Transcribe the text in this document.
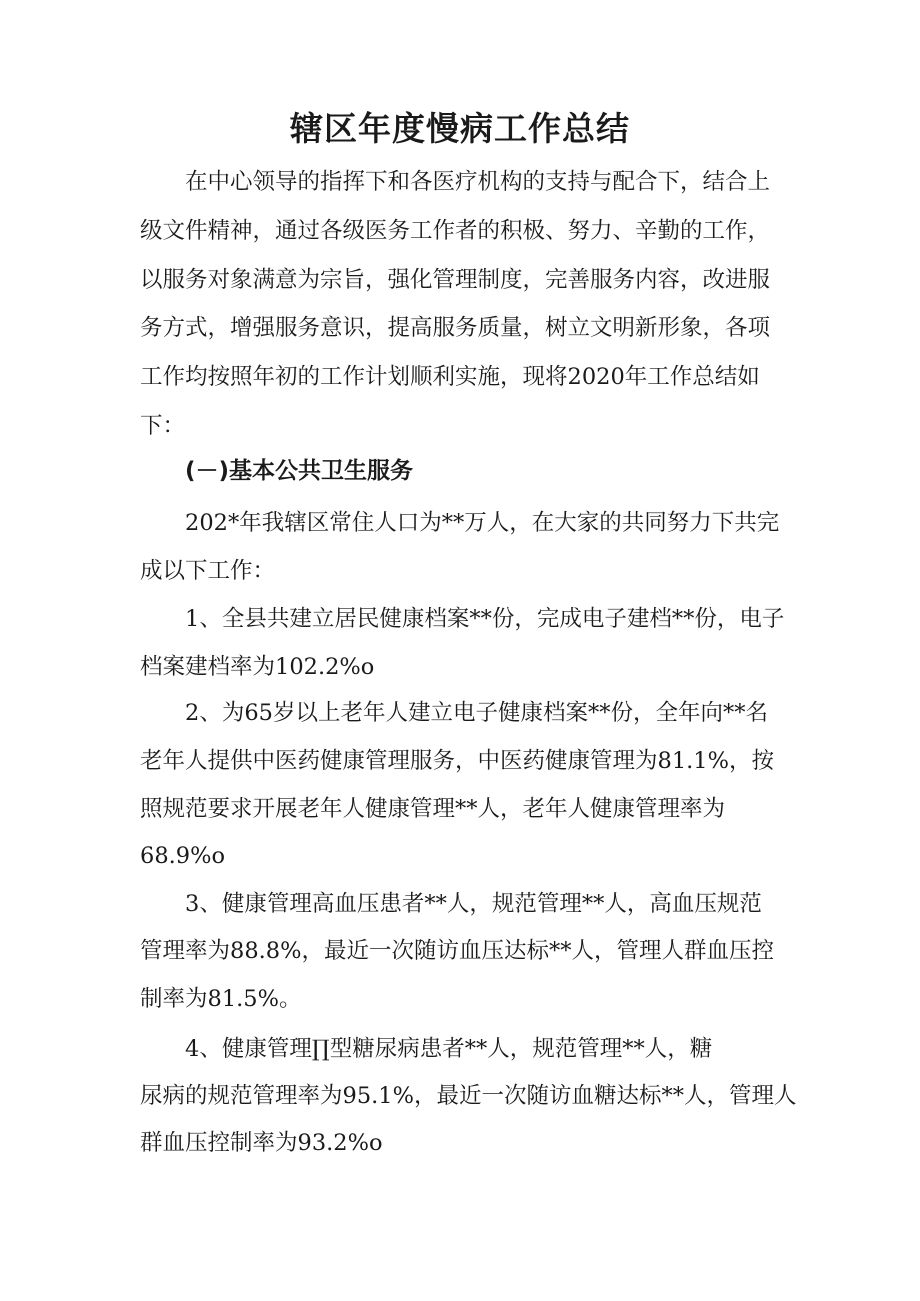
辖区年度慢病工作总结
在中心领导的指挥下和各医疗机构的支持与配合下，结合上
级文件精神，通过各级医务工作者的积极、努力、辛勤的工作，
以服务对象满意为宗旨，强化管理制度，完善服务内容，改进服
务方式，增强服务意识，提高服务质量，树立文明新形象，各项
工作均按照年初的工作计划顺利实施，现将2020年工作总结如
下：
(－)基本公共卫生服务
202*年我辖区常住人口为**万人，在大家的共同努力下共完
成以下工作：
1、全县共建立居民健康档案**份，完成电子建档**份，电子
档案建档率为102.2%o
2、为65岁以上老年人建立电子健康档案**份，全年向**名
老年人提供中医药健康管理服务，中医药健康管理为81.1%，按
照规范要求开展老年人健康管理**人，老年人健康管理率为
68.9%o
3、健康管理高血压患者**人，规范管理**人，高血压规范
管理率为88.8%，最近一次随访血压达标**人，管理人群血压控
制率为81.5%。
4、健康管理∏型糖尿病患者**人，规范管理**人，糖
尿病的规范管理率为95.1%，最近一次随访血糖达标**人，管理人
群血压控制率为93.2%o
